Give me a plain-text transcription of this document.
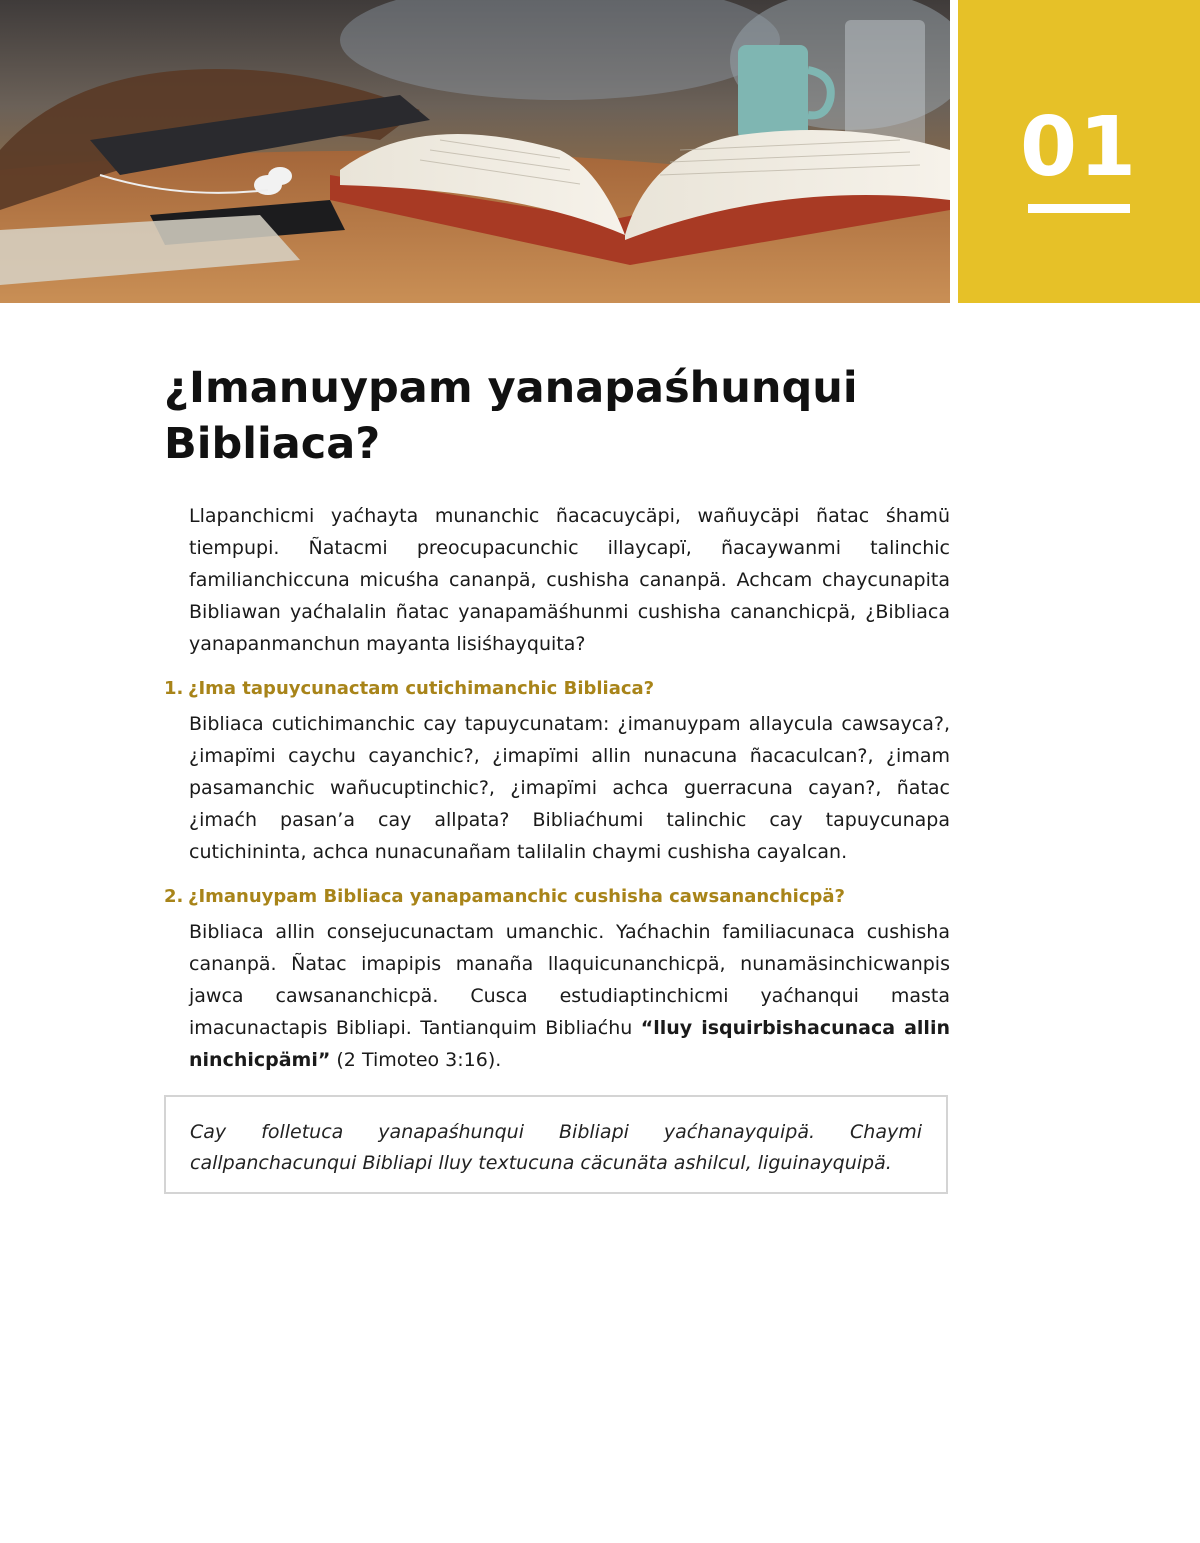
01
¿Imanuypam yanapaśhunqui
Bibliaca?

Llapanchicmi yaćhayta munanchic ñacacuycäpi, wañuycäpi ñatac śhamü tiempupi. Ñatacmi preocupacunchic illaycapï, ñacaywanmi talinchic familianchiccuna micuśha cananpä, cushisha cananpä. Achcam chaycunapita Bibliawan yaćhalalin ñatac yanapamäśhunmi cushisha cananchicpä, ¿Bibliaca yanapanmanchun mayanta lisiśhayquita?

1. ¿Ima tapuycunactam cutichimanchic Bibliaca?

Bibliaca cutichimanchic cay tapuycunatam: ¿imanuypam allaycula cawsayca?, ¿imapïmi caychu cayanchic?, ¿imapïmi allin nunacuna ñacaculcan?, ¿imam pasamanchic wañucuptinchic?, ¿imapïmi achca guerracuna cayan?, ñatac ¿imaćh pasan’a cay allpata? Bibliaćhumi talinchic cay tapuycunapa cutichininta, achca nunacunañam talilalin chaymi cushisha cayalcan.

2. ¿Imanuypam Bibliaca yanapamanchic cushisha cawsananchicpä?

Bibliaca allin consejucunactam umanchic. Yaćhachin familiacunaca cushisha cananpä. Ñatac imapipis manaña llaquicunanchicpä, nunamäsinchicwanpis jawca cawsananchicpä. Cusca estudiaptinchicmi yaćhanqui masta imacunactapis Bibliapi. Tantianquim Bibliaćhu “lluy isquirbishacunaca allin ninchicpämi” (2 Timoteo 3:16).

Cay folletuca yanapaśhunqui Bibliapi yaćhanayquipä. Chaymi callpanchacunqui Bibliapi lluy textucuna cäcunäta ashilcul, liguinayquipä.
